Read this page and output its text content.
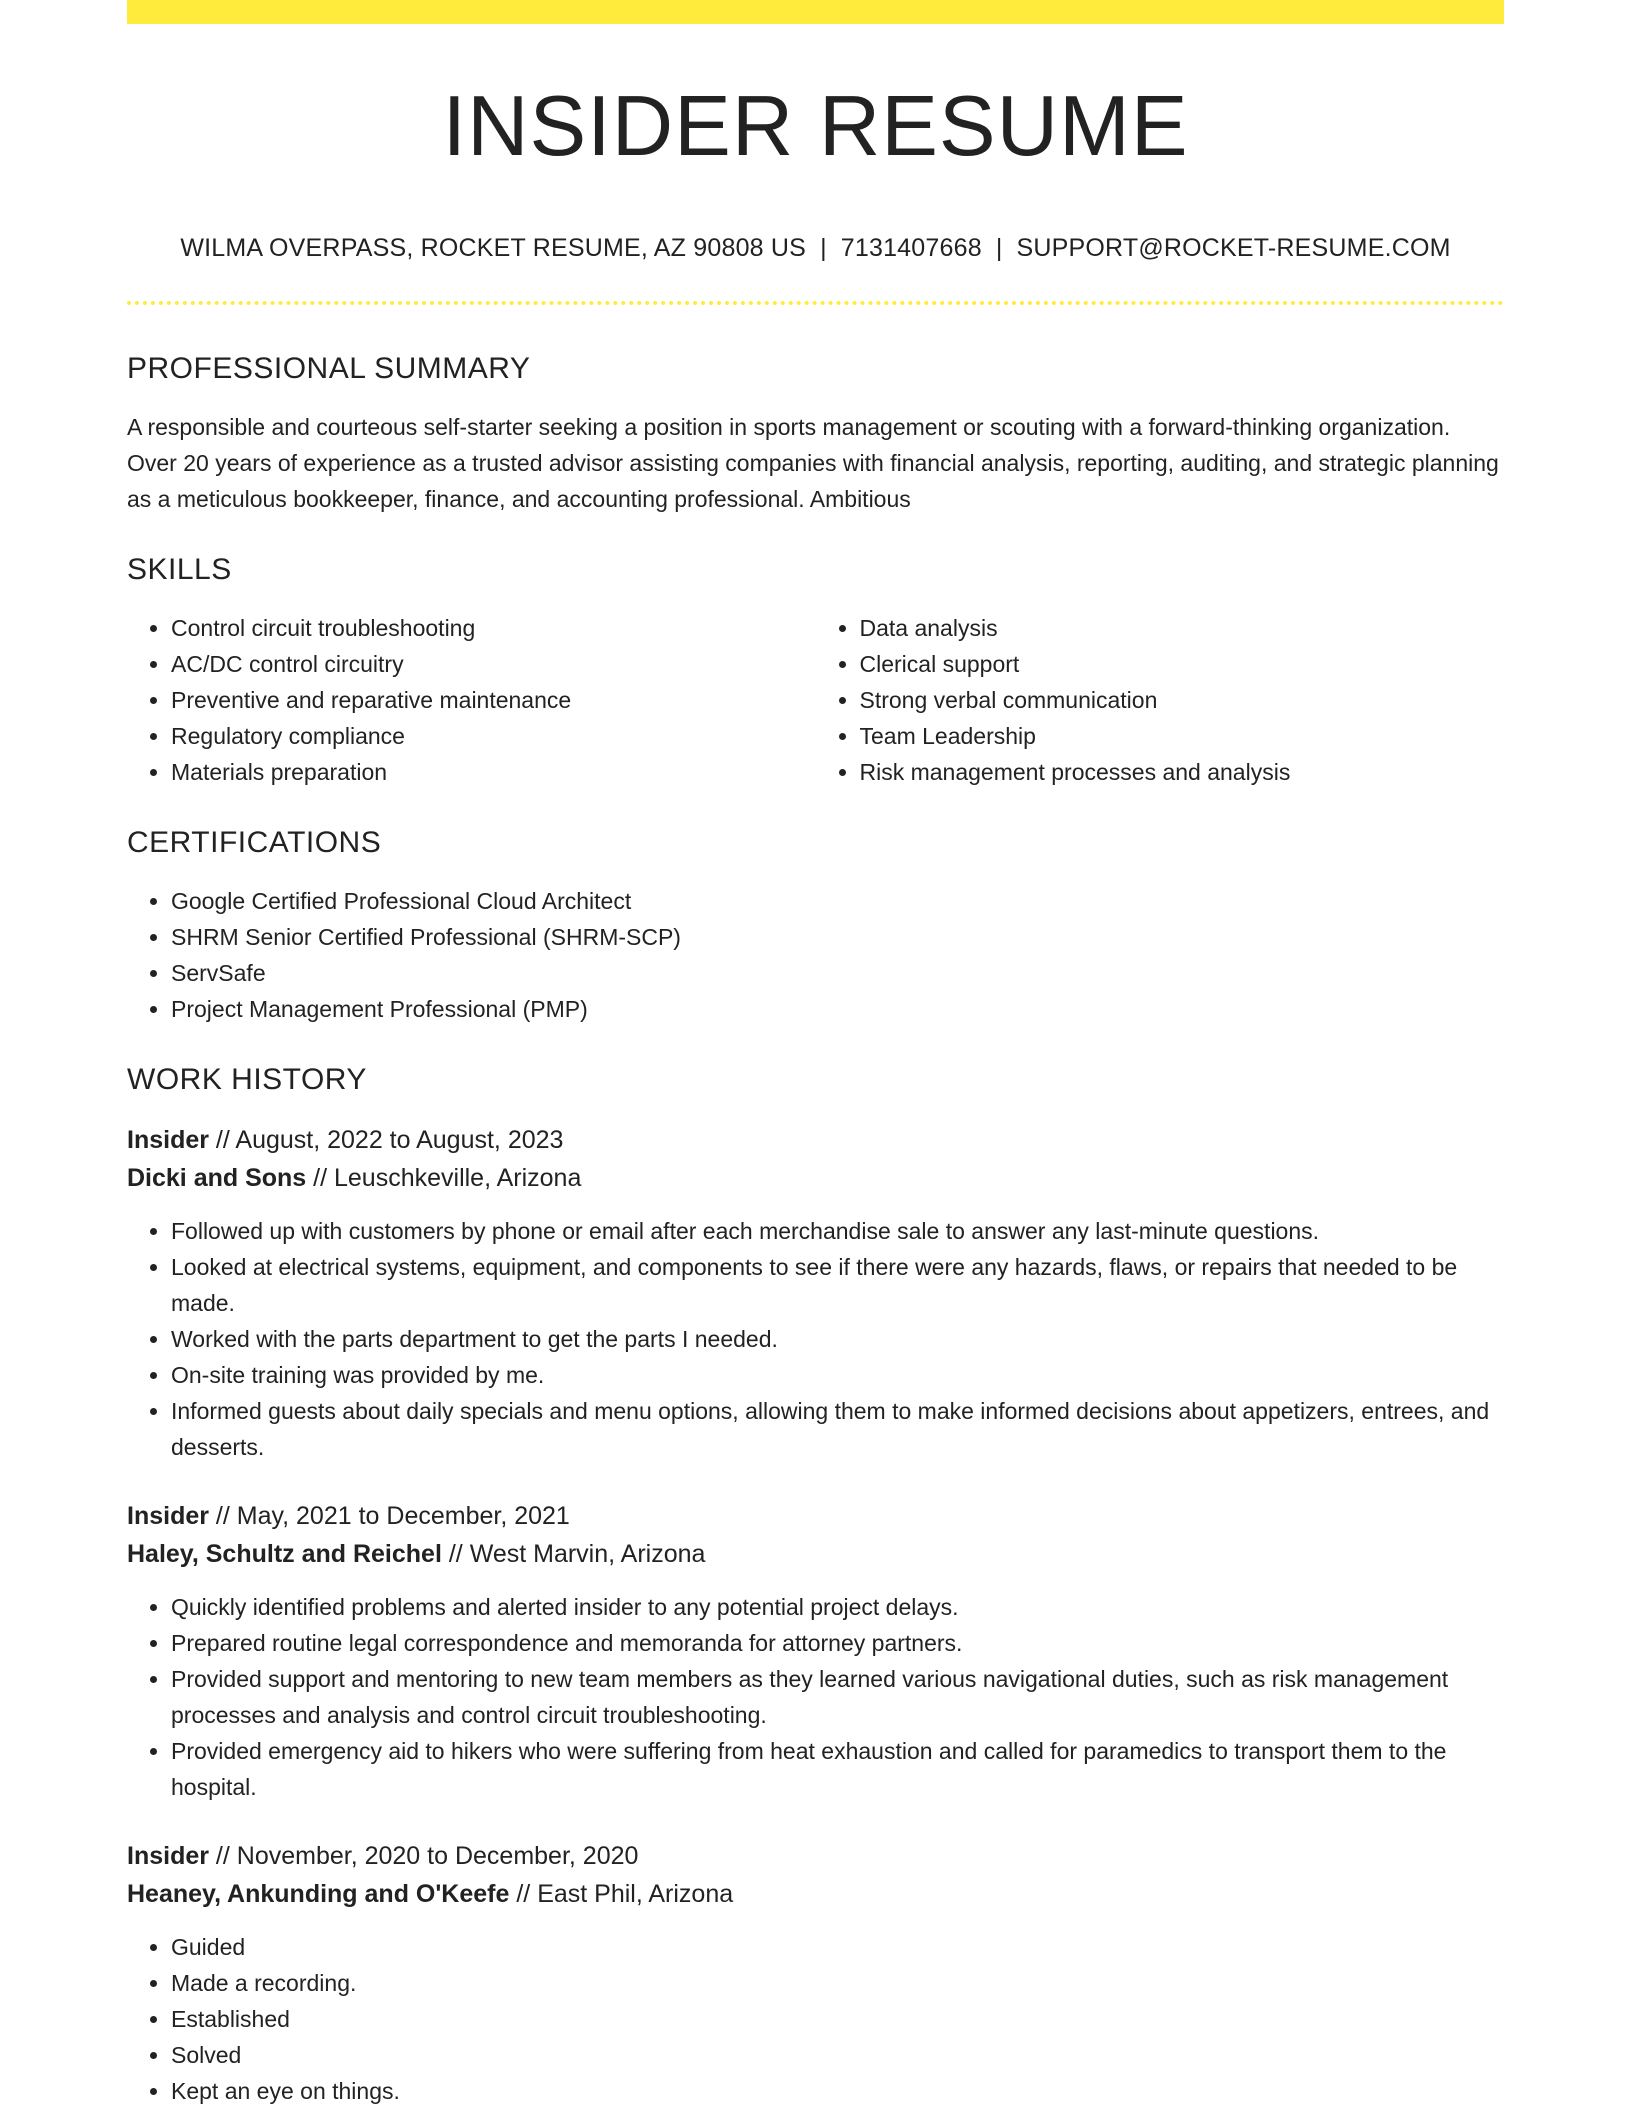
INSIDER RESUME
WILMA OVERPASS, ROCKET RESUME, AZ 90808 US | 7131407668 | SUPPORT@ROCKET-RESUME.COM
PROFESSIONAL SUMMARY

A responsible and courteous self-starter seeking a position in sports management or scouting with a forward-thinking organization. Over 20 years of experience as a trusted advisor assisting companies with financial analysis, reporting, auditing, and strategic planning as a meticulous bookkeeper, finance, and accounting professional. Ambitious

SKILLS
• Control circuit troubleshooting
• AC/DC control circuitry
• Preventive and reparative maintenance
• Regulatory compliance
• Materials preparation
• Data analysis
• Clerical support
• Strong verbal communication
• Team Leadership
• Risk management processes and analysis
CERTIFICATIONS
• Google Certified Professional Cloud Architect
• SHRM Senior Certified Professional (SHRM-SCP)
• ServSafe
• Project Management Professional (PMP)
WORK HISTORY

Insider // August, 2022 to August, 2023

Dicki and Sons // Leuschkeville, Arizona

• Followed up with customers by phone or email after each merchandise sale to answer any last-minute questions.
• Looked at electrical systems, equipment, and components to see if there were any hazards, flaws, or repairs that needed to be made.
• Worked with the parts department to get the parts I needed.
• On-site training was provided by me.
• Informed guests about daily specials and menu options, allowing them to make informed decisions about appetizers, entrees, and desserts.

Insider // May, 2021 to December, 2021

Haley, Schultz and Reichel // West Marvin, Arizona

• Quickly identified problems and alerted insider to any potential project delays.
• Prepared routine legal correspondence and memoranda for attorney partners.
• Provided support and mentoring to new team members as they learned various navigational duties, such as risk management processes and analysis and control circuit troubleshooting.
• Provided emergency aid to hikers who were suffering from heat exhaustion and called for paramedics to transport them to the hospital.

Insider // November, 2020 to December, 2020

Heaney, Ankunding and O'Keefe // East Phil, Arizona

• Guided
• Made a recording.
• Established
• Solved
• Kept an eye on things.
